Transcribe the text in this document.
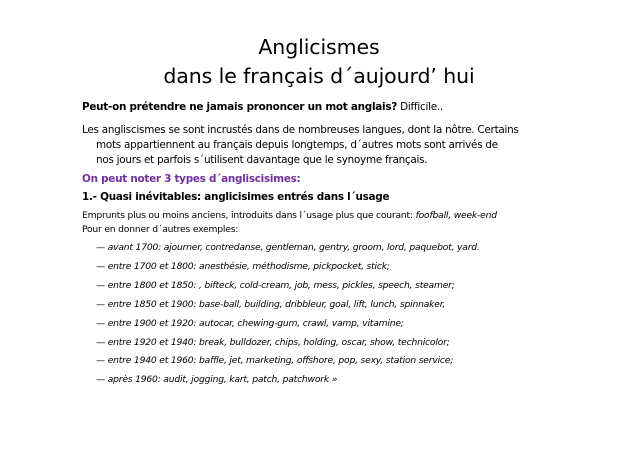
Anglicismes
dans le français d´aujourd’ hui
Peut-on prétendre ne jamais prononcer un mot anglais? Difficile..
Les angliscismes se sont incrustés dans de nombreuses langues, dont la nôtre. Certains
mots appartiennent au français depuis longtemps, d´autres mots sont arrivés de
nos jours et parfois s´utilisent davantage que le synoyme français.
On peut noter 3 types d´angliscisimes:
1.- Quasi inévitables: anglicisimes entrés dans l´usage
Emprunts plus ou moins anciens, introduits dans l´usage plus que courant: foofball, week-end
Pour en donner d´autres exemples:
— avant 1700: ajourner, contredanse, gentleman, gentry, groom, lord, paquebot, yard.
— entre 1700 et 1800: anesthésie, méthodisme, pickpocket, stick;
— entre 1800 et 1850: , bifteck, cold-cream, job, mess, pickles, speech, steamer;
— entre 1850 et 1900: base-ball, building, dribbleur, goal, lift, lunch, spinnaker,
— entre 1900 et 1920: autocar, chewing-gum, crawl, vamp, vitamine;
— entre 1920 et 1940: break, bulldozer, chips, holding, oscar, show, technicolor;
— entre 1940 et 1960: baffle, jet, marketing, offshore, pop, sexy, station service;
— après 1960: audit, jogging, kart, patch, patchwork »
